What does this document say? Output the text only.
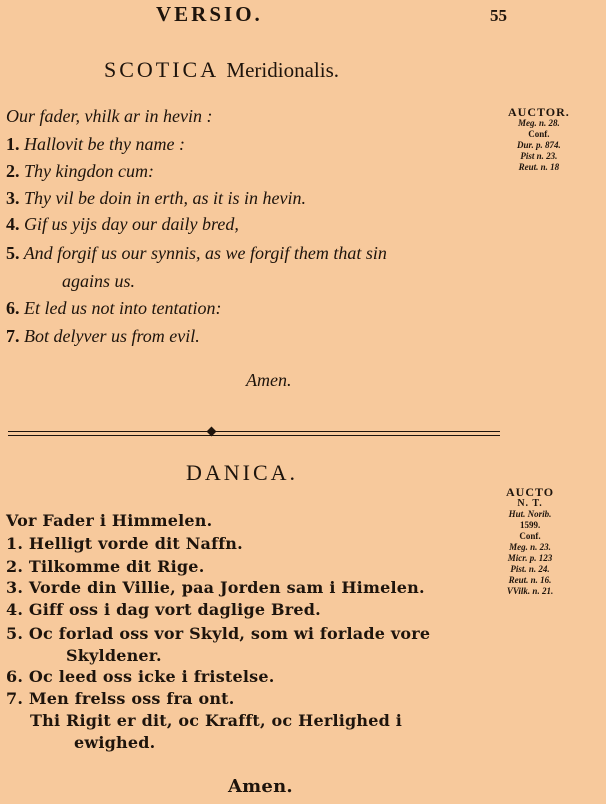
VERSIO.	55
SCOTICA Meridionalis.
Our fader, vhilk ar in hevin :
1. Hallovit be thy name :
2. Thy kingdon cum:
3. Thy vil be doin in erth, as it is in hevin.
4. Gif us yijs day our daily bred,
5. And forgif us our synnis, as we forgif them that sin
agains us.
6. Et led us not into tentation:
7. Bot delyver us from evil.
Amen.
AUCTOR.
Meg. n. 28.
Conf.
Dur. p. 874.
Pist n. 23.
Reut. n. 18
DANICA.
Vor Fader i Himmelen.
1. Helligt vorde dit Naffn.
2. Tilkomme dit Rige.
3. Vorde din Villie, paa Jorden sam i Himelen.
4. Giff oss i dag vort daglige Bred.
5. Oc forlad oss vor Skyld, som wi forlade vore
Skyldener.
6. Oc leed oss icke i fristelse.
7. Men frelss oss fra ont.
Thi Rigit er dit, oc Krafft, oc Herlighed i
ewighed.
Amen.
AUCTO
N. T.
Hut. Norib.
1599.
Conf.
Meg. n. 23.
Micr. p. 123
Pist. n. 24.
Reut. n. 16.
VVilk. n. 21.
